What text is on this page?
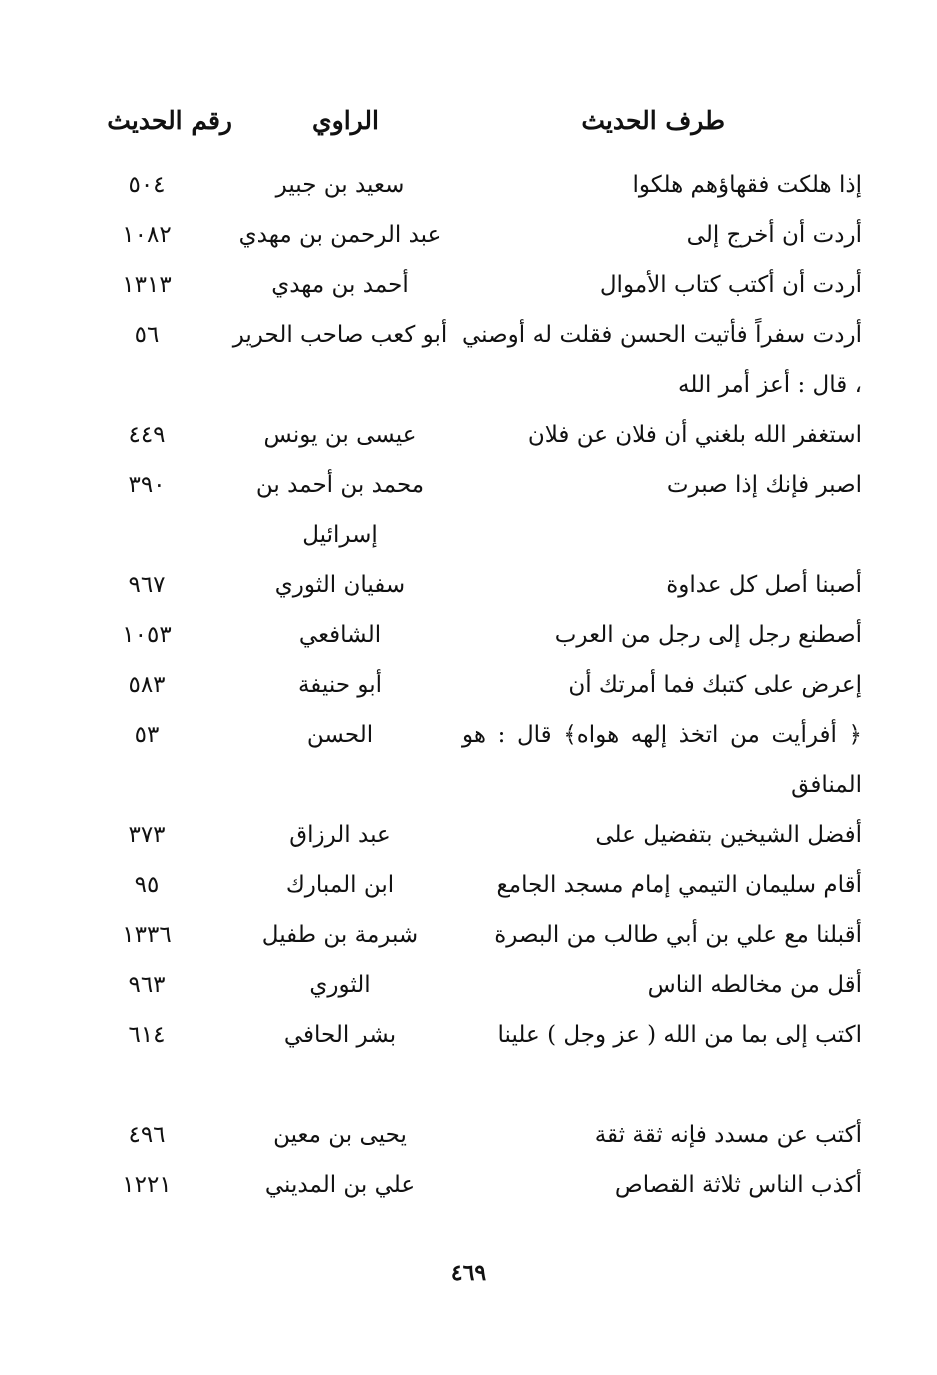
طرف الحديث
الراوي
رقم الحديث
إذا هلكت فقهاؤهم هلكوا
سعيد بن جبير
٥٠٤
أردت أن أخرج إلى
عبد الرحمن بن مهدي
١٠٨٢
أردت أن أكتب كتاب الأموال
أحمد بن مهدي
١٣١٣
أردت سفراً فأتيت الحسن فقلت له أوصني ، قال : أعز أمر الله
أبو كعب صاحب الحرير
٥٦
استغفر الله بلغني أن فلان عن فلان
عيسى بن يونس
٤٤٩
اصبر فإنك إذا صبرت
محمد بن أحمد بن إسرائيل
٣٩٠
أصبنا أصل كل عداوة
سفيان الثوري
٩٦٧
أصطنع رجل إلى رجل من العرب
الشافعي
١٠٥٣
إعرض على كتبك فما أمرتك أن
أبو حنيفة
٥٨٣
﴿ أفرأيت من اتخذ إلهه هواه﴾ قال : هو المنافق
الحسن
٥٣
أفضل الشيخين بتفضيل على
عبد الرزاق
٣٧٣
أقام سليمان التيمي إمام مسجد الجامع
ابن المبارك
٩٥
أقبلنا مع علي بن أبي طالب من البصرة
شبرمة بن طفيل
١٣٣٦
أقل من مخالطه الناس
الثوري
٩٦٣
اكتب إلى بما من الله ( عز وجل ) علينا
بشر الحافي
٦١٤
أكتب عن مسدد فإنه ثقة ثقة
يحيى بن معين
٤٩٦
أكذب الناس ثلاثة القصاص
علي بن المديني
١٢٢١
٤٦٩
